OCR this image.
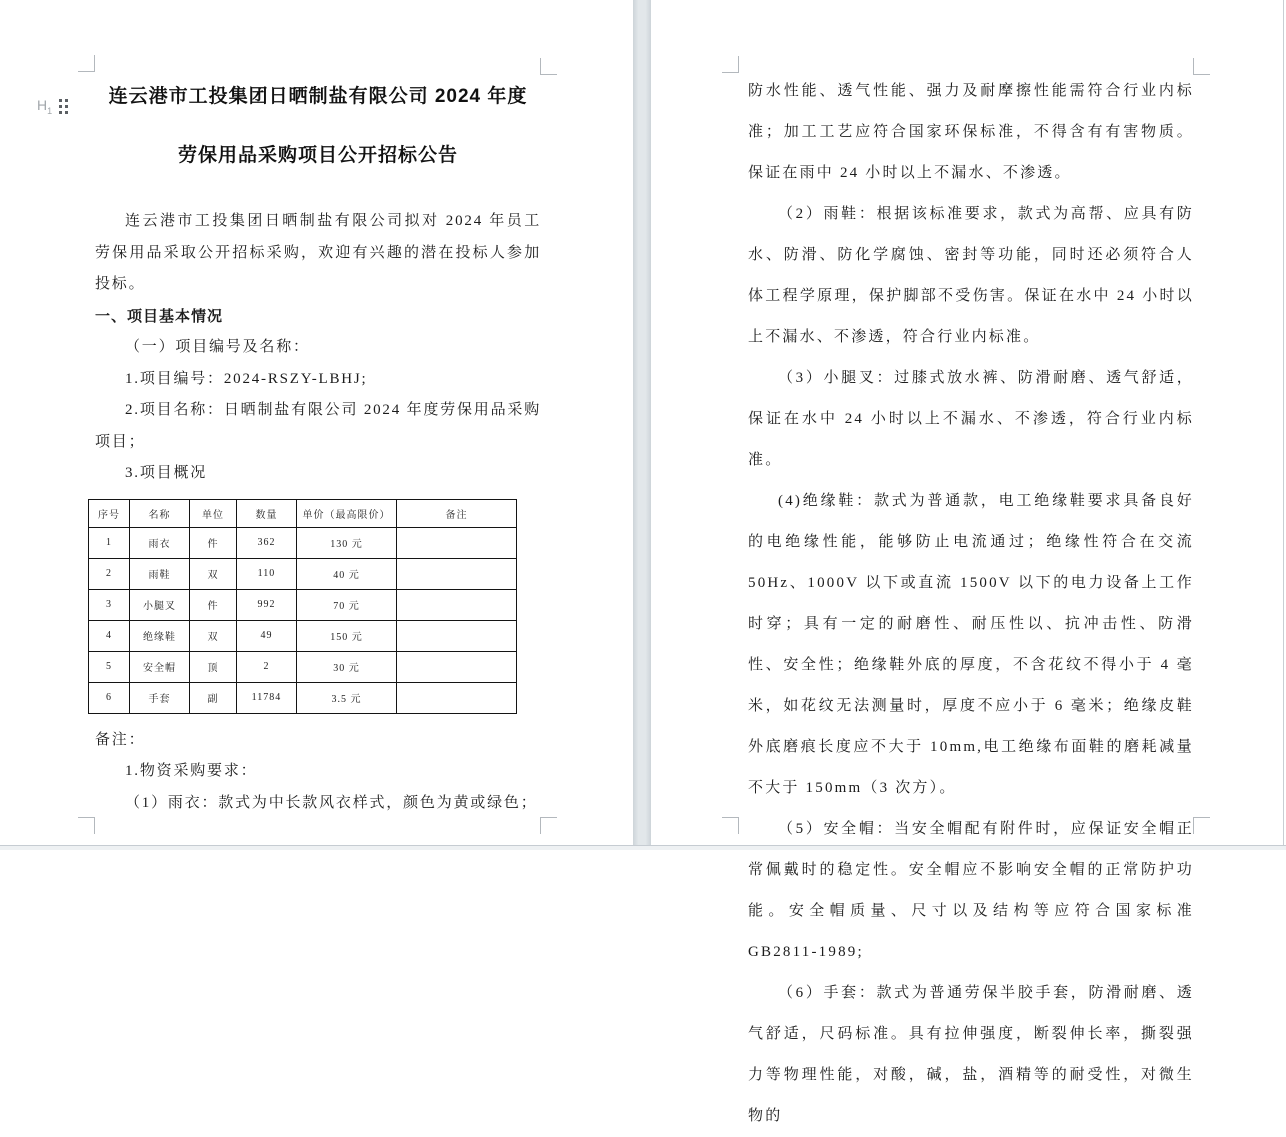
$H_1$
连云港市工投集团日晒制盐有限公司 2024 年度
劳保用品采购项目公开招标公告

连云港市工投集团日晒制盐有限公司拟对 2024 年员工劳保用品采取公开招标采购，欢迎有兴趣的潜在投标人参加投标。

一、项目基本情况

（一）项目编号及名称：

1.项目编号：2024-RSZY-LBHJ;

2.项目名称：日晒制盐有限公司 2024 年度劳保用品采购项目；

3.项目概况

序号	名称	单位	数量	单价（最高限价）	备注
1	雨衣	件	362	130 元	
2	雨鞋	双	110	40 元	
3	小腿叉	件	992	70 元	
4	绝缘鞋	双	49	150 元	
5	安全帽	顶	2	30 元	
6	手套	副	11784	3.5 元	

备注：

1.物资采购要求：

（1）雨衣：款式为中长款风衣样式，颜色为黄或绿色；

防水性能、透气性能、强力及耐摩擦性能需符合行业内标准；加工工艺应符合国家环保标准，不得含有有害物质。保证在雨中 24 小时以上不漏水、不渗透。

（2）雨鞋：根据该标准要求，款式为高帮、应具有防水、防滑、防化学腐蚀、密封等功能，同时还必须符合人体工程学原理，保护脚部不受伤害。保证在水中 24 小时以上不漏水、不渗透，符合行业内标准。

（3）小腿叉：过膝式放水裤、防滑耐磨、透气舒适，保证在水中 24 小时以上不漏水、不渗透，符合行业内标准。

(4)绝缘鞋：款式为普通款，电工绝缘鞋要求具备良好的电绝缘性能，能够防止电流通过；绝缘性符合在交流 50Hz、1000V 以下或直流 1500V 以下的电力设备上工作时穿；具有一定的耐磨性、耐压性以、抗冲击性、防滑性、安全性；绝缘鞋外底的厚度，不含花纹不得小于 4 毫米，如花纹无法测量时，厚度不应小于 6 毫米；绝缘皮鞋外底磨痕长度应不大于 10mm,电工绝缘布面鞋的磨耗减量不大于 150mm（3 次方）。

（5）安全帽：当安全帽配有附件时，应保证安全帽正常佩戴时的稳定性。安全帽应不影响安全帽的正常防护功能。安全帽质量、尺寸以及结构等应符合国家标准 GB2811-1989;

（6）手套：款式为普通劳保半胶手套，防滑耐磨、透气舒适，尺码标准。具有拉伸强度，断裂伸长率，撕裂强力等物理性能，对酸，碱，盐，酒精等的耐受性，对微生物的
